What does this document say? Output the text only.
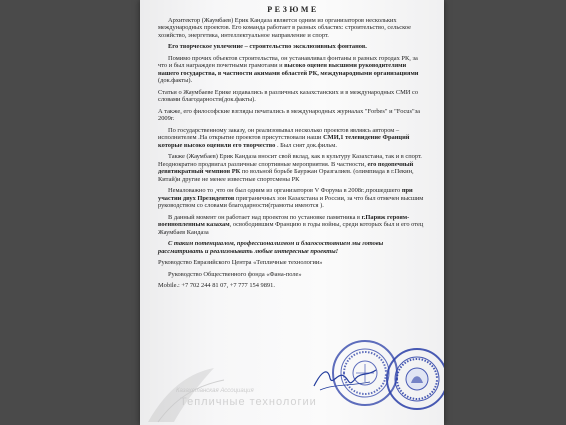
РЕЗЮМЕ

Архитектор (Жаумбаев) Ерик Кандаза является одним из организаторов нескольких международных проектов. Его команда работает в разных областях: строительство, сельское хозяйство, энергетика, интеллектуальное направление и спорт.

Его творческое увлечение – строительство эксклюзивных фонтанов.

Помимо прочих объектов строительства, он устанавливал фонтаны в разных городах РК, за что и был награжден почетными грамотами и высоко оценен высшими руководителями нашего государства, в частности акимами областей РК, международными организациями (док.факты).

Статьи о Жаумбаеве Ерике издавались в различных казахстанских и в международных СМИ со словами благодарности(док.факты).

А также, его философские взгляды печатались в международных журналах "Forbes" и "Focus"за 2009г.

По государственному заказу, он реализовывал несколько проектов являясь автором –исполнителем .На открытие проектов присутствовали наши СМИ,1 телевидение Франций которые высоко оценили его творчество . Был снят док.фильм.

Также (Жаумбаев) Ерик Кандаза вносит свой вклад, как в культуру Казахстана, так и в спорт. Неоднократно продвигал различные спортивные мероприятия. В частности, его подопечный девятикратный чемпион РК по вольной борьбе Бауржан Оразгалиев. (олимпиада в г.Пекин, Китай)и другие не менее известные спортсмены РК

Немаловажно то ,что он был одним из организаторов V Форума в 2008г.,прошедшего при участии двух Президентов приграничных зон Казахстана и России, за что был отмечен высшим руководством со словами благодарности(грамоты имеются ).

В данный момент он работает над проектом по установке памятника в г.Париж героям-военнопленным казахам, освободившим Францию в годы войны, среди которых был и его отец Жаумбаев Кандаза

С таким потенциалом, профессионализмом и благосостоянием мы готовы рассматривать и реализовывать любые интересные проекты!

Руководство Евразийского Центра «Тепличные технологии»

Руководство Общественного фонда «Фана-поле»

Mobile.: +7 702 244 81 07, +7 777 154 9891.

Казахстанская Ассоциация
Тепличные технологии
